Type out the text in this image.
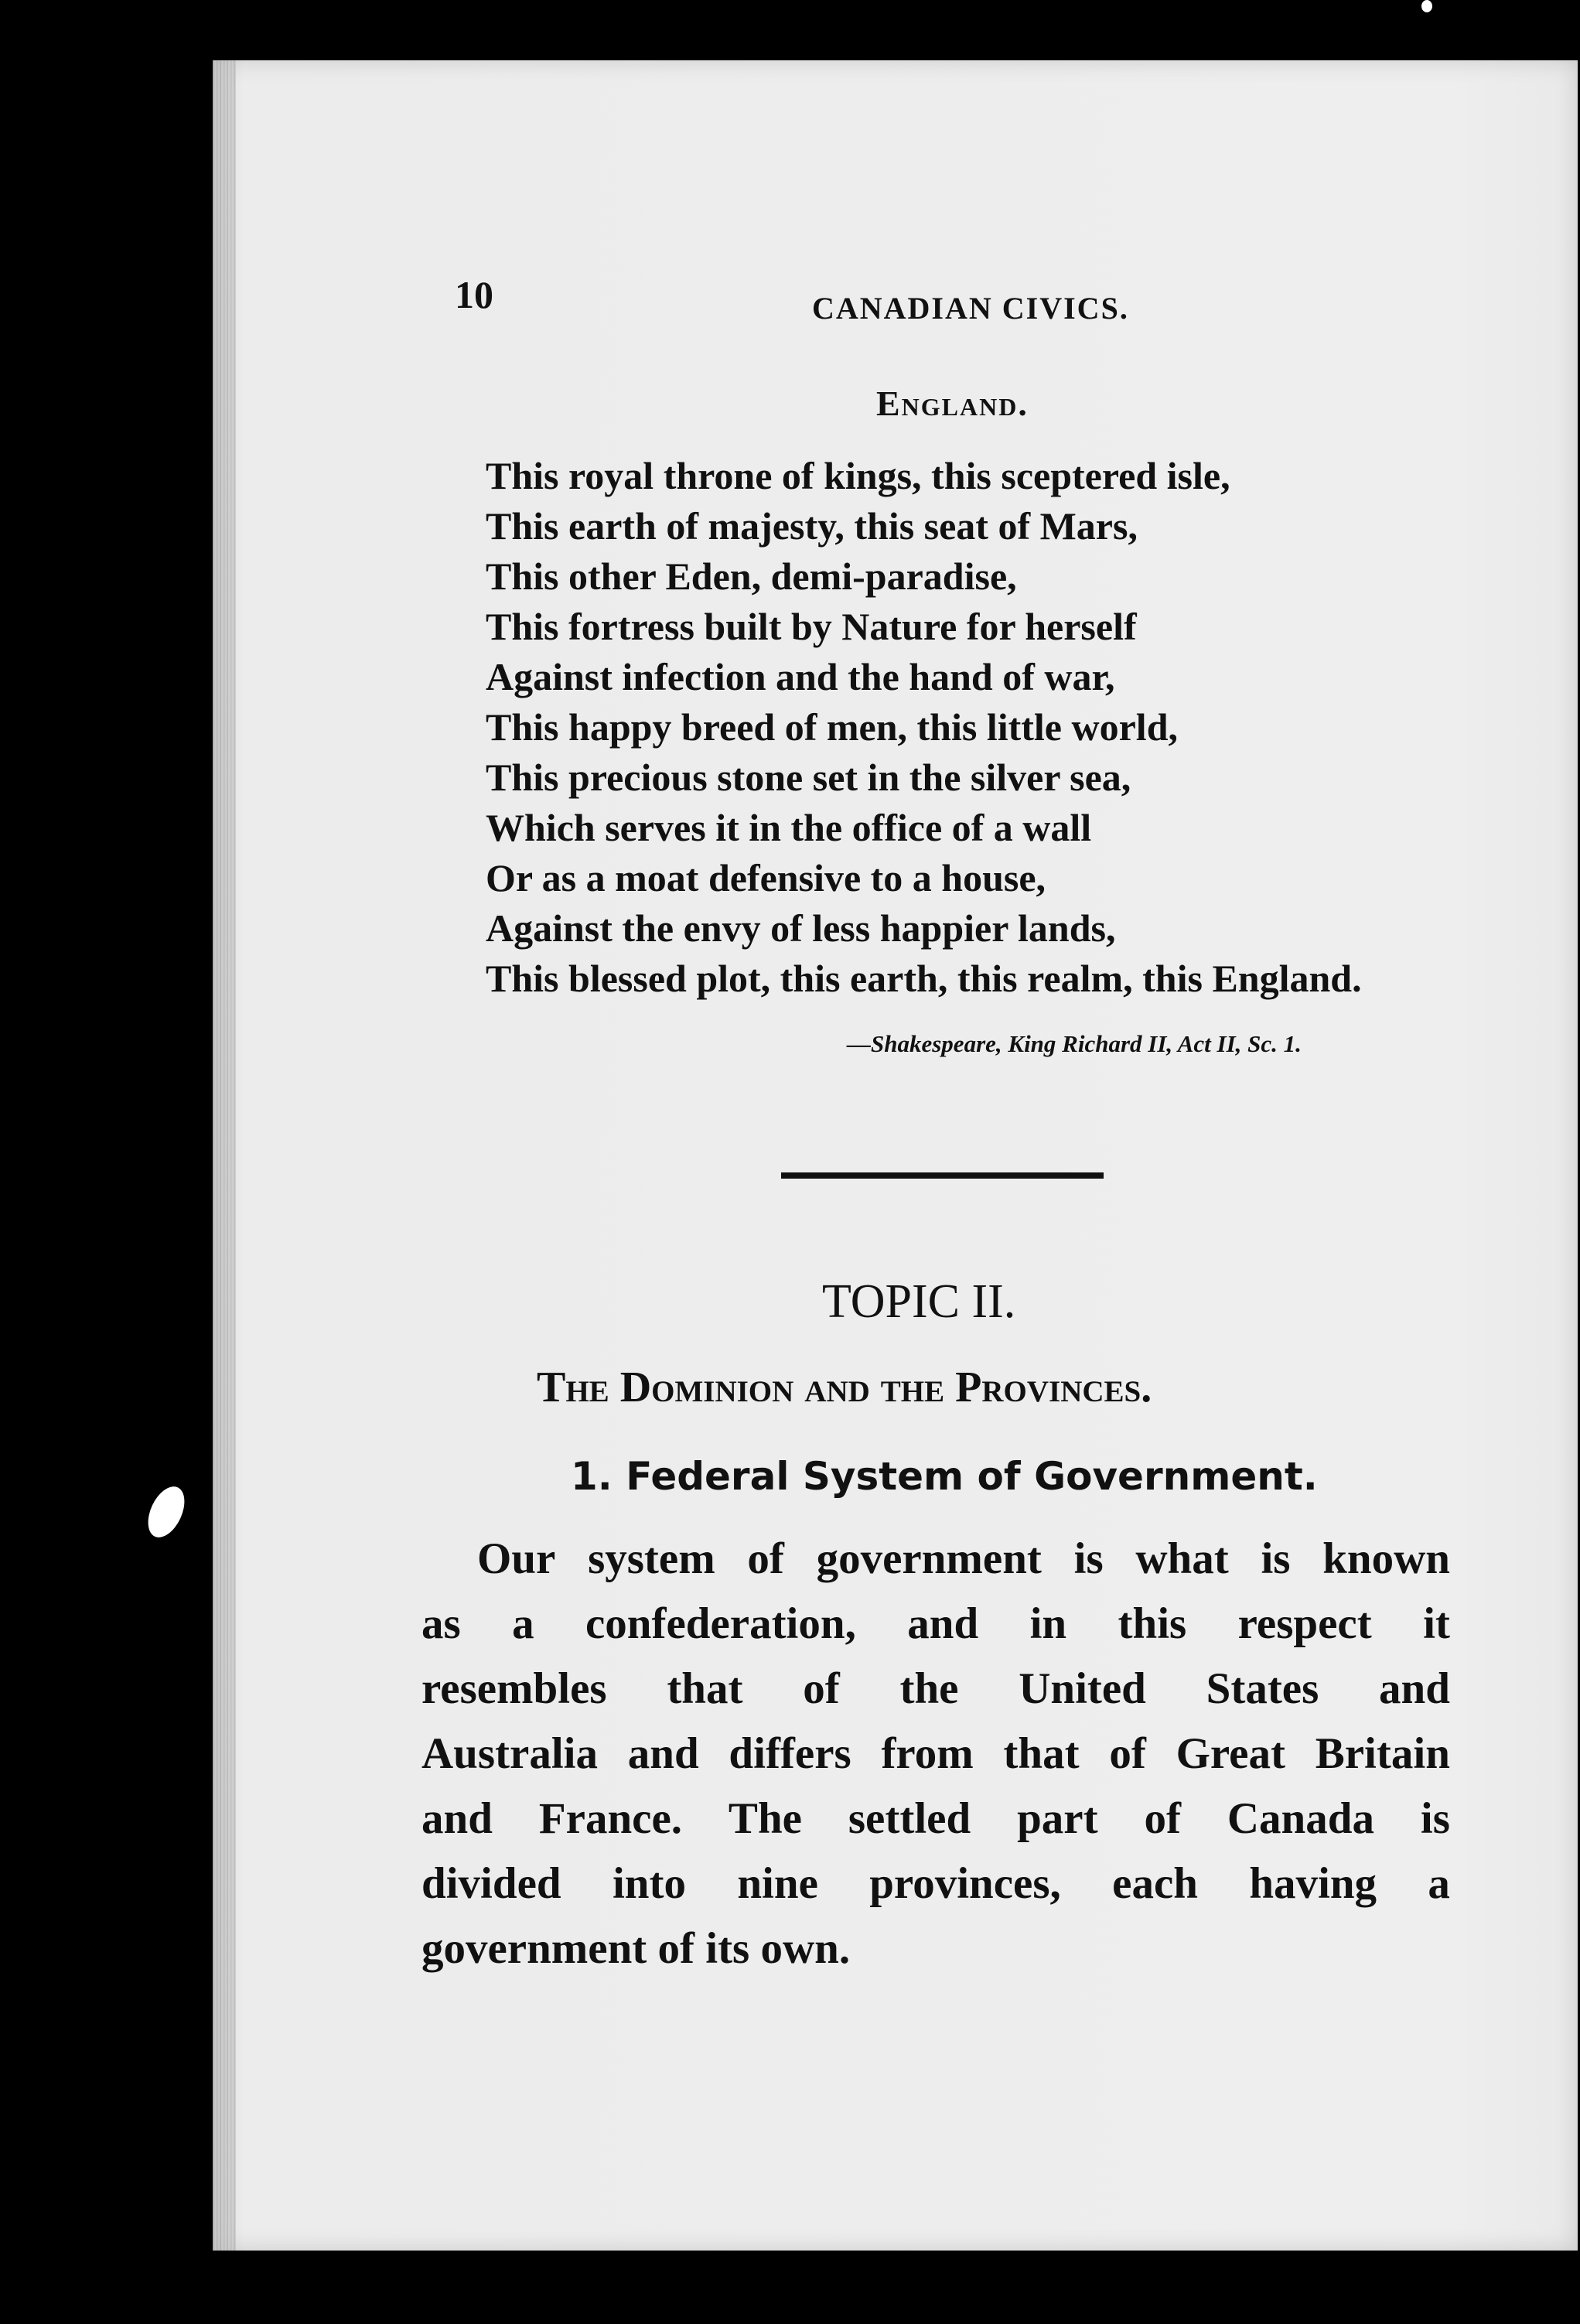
10	CANADIAN CIVICS.
England.
This royal throne of kings, this sceptered isle,
This earth of majesty, this seat of Mars,
This other Eden, demi-paradise,
This fortress built by Nature for herself
Against infection and the hand of war,
This happy breed of men, this little world,
This precious stone set in the silver sea,
Which serves it in the office of a wall
Or as a moat defensive to a house,
Against the envy of less happier lands,
This blessed plot, this earth, this realm, this England.
—Shakespeare, King Richard II, Act II, Sc. 1.
TOPIC II.
The Dominion and the Provinces.
1. Federal System of Government.
Our system of government is what is known
as a confederation, and in this respect it
resembles that of the United States and
Australia and differs from that of Great Britain
and France. The settled part of Canada is
divided into nine provinces, each having a
government of its own.
